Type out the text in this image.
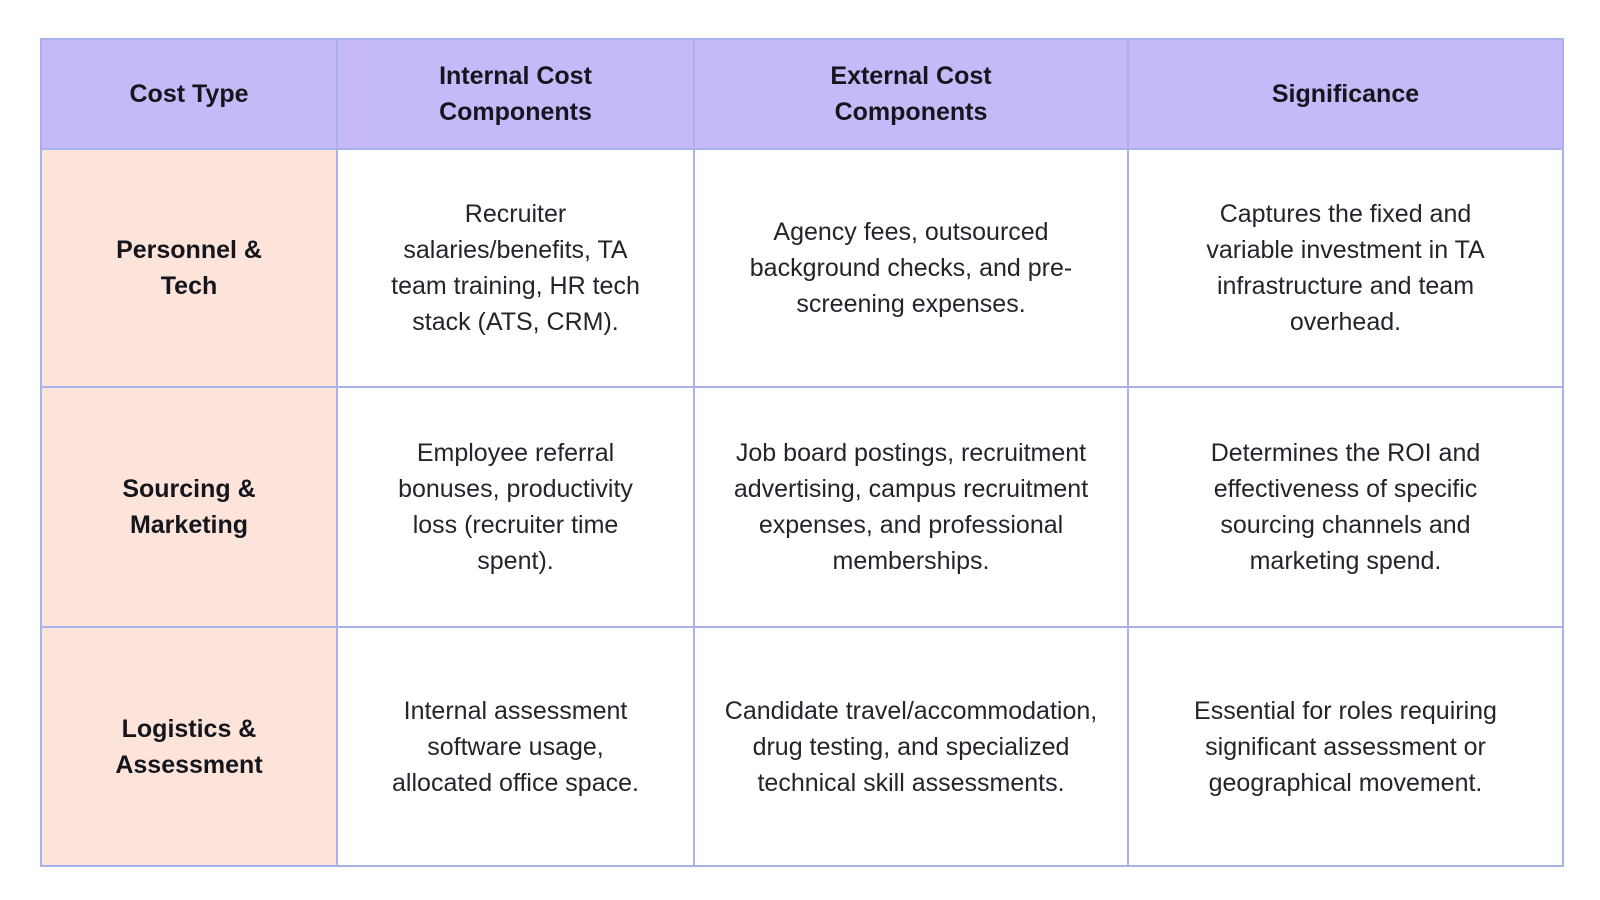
Cost Type	Internal Cost Components	External Cost Components	Significance
Personnel & Tech	Recruiter salaries/benefits, TA team training, HR tech stack (ATS, CRM).	Agency fees, outsourced background checks, and pre-screening expenses.	Captures the fixed and variable investment in TA infrastructure and team overhead.
Sourcing & Marketing	Employee referral bonuses, productivity loss (recruiter time spent).	Job board postings, recruitment advertising, campus recruitment expenses, and professional memberships.	Determines the ROI and effectiveness of specific sourcing channels and marketing spend.
Logistics & Assessment	Internal assessment software usage, allocated office space.	Candidate travel/accommodation, drug testing, and specialized technical skill assessments.	Essential for roles requiring significant assessment or geographical movement.
